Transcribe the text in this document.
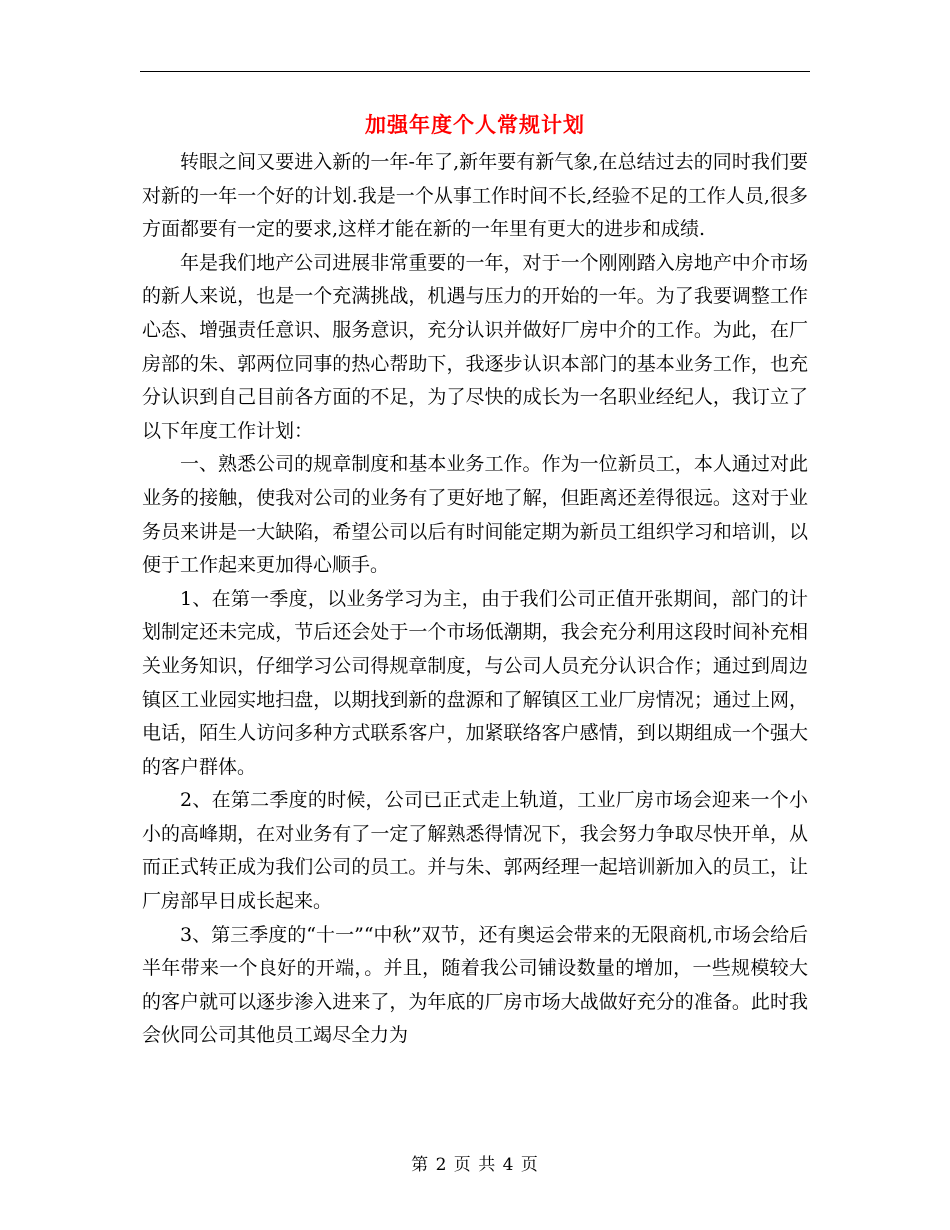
加强年度个人常规计划

转眼之间又要进入新的一年-年了,新年要有新气象,在总结过去的同时我们要对新的一年一个好的计划.我是一个从事工作时间不长,经验不足的工作人员,很多方面都要有一定的要求,这样才能在新的一年里有更大的进步和成绩.

年是我们地产公司进展非常重要的一年，对于一个刚刚踏入房地产中介市场的新人来说，也是一个充满挑战，机遇与压力的开始的一年。为了我要调整工作心态、增强责任意识、服务意识，充分认识并做好厂房中介的工作。为此，在厂房部的朱、郭两位同事的热心帮助下，我逐步认识本部门的基本业务工作，也充分认识到自己目前各方面的不足，为了尽快的成长为一名职业经纪人，我订立了以下年度工作计划：

一、熟悉公司的规章制度和基本业务工作。作为一位新员工，本人通过对此业务的接触，使我对公司的业务有了更好地了解，但距离还差得很远。这对于业务员来讲是一大缺陷，希望公司以后有时间能定期为新员工组织学习和培训，以便于工作起来更加得心顺手。

1、在第一季度，以业务学习为主，由于我们公司正值开张期间，部门的计划制定还未完成，节后还会处于一个市场低潮期，我会充分利用这段时间补充相关业务知识，仔细学习公司得规章制度，与公司人员充分认识合作；通过到周边镇区工业园实地扫盘，以期找到新的盘源和了解镇区工业厂房情况；通过上网，电话，陌生人访问多种方式联系客户，加紧联络客户感情，到以期组成一个强大的客户群体。

2、在第二季度的时候，公司已正式走上轨道，工业厂房市场会迎来一个小小的高峰期，在对业务有了一定了解熟悉得情况下，我会努力争取尽快开单，从而正式转正成为我们公司的员工。并与朱、郭两经理一起培训新加入的员工，让厂房部早日成长起来。

3、第三季度的“十一”“中秋”双节，还有奥运会带来的无限商机,市场会给后半年带来一个良好的开端，。并且，随着我公司铺设数量的增加，一些规模较大的客户就可以逐步渗入进来了，为年底的厂房市场大战做好充分的准备。此时我会伙同公司其他员工竭尽全力为

第 2 页 共 4 页
